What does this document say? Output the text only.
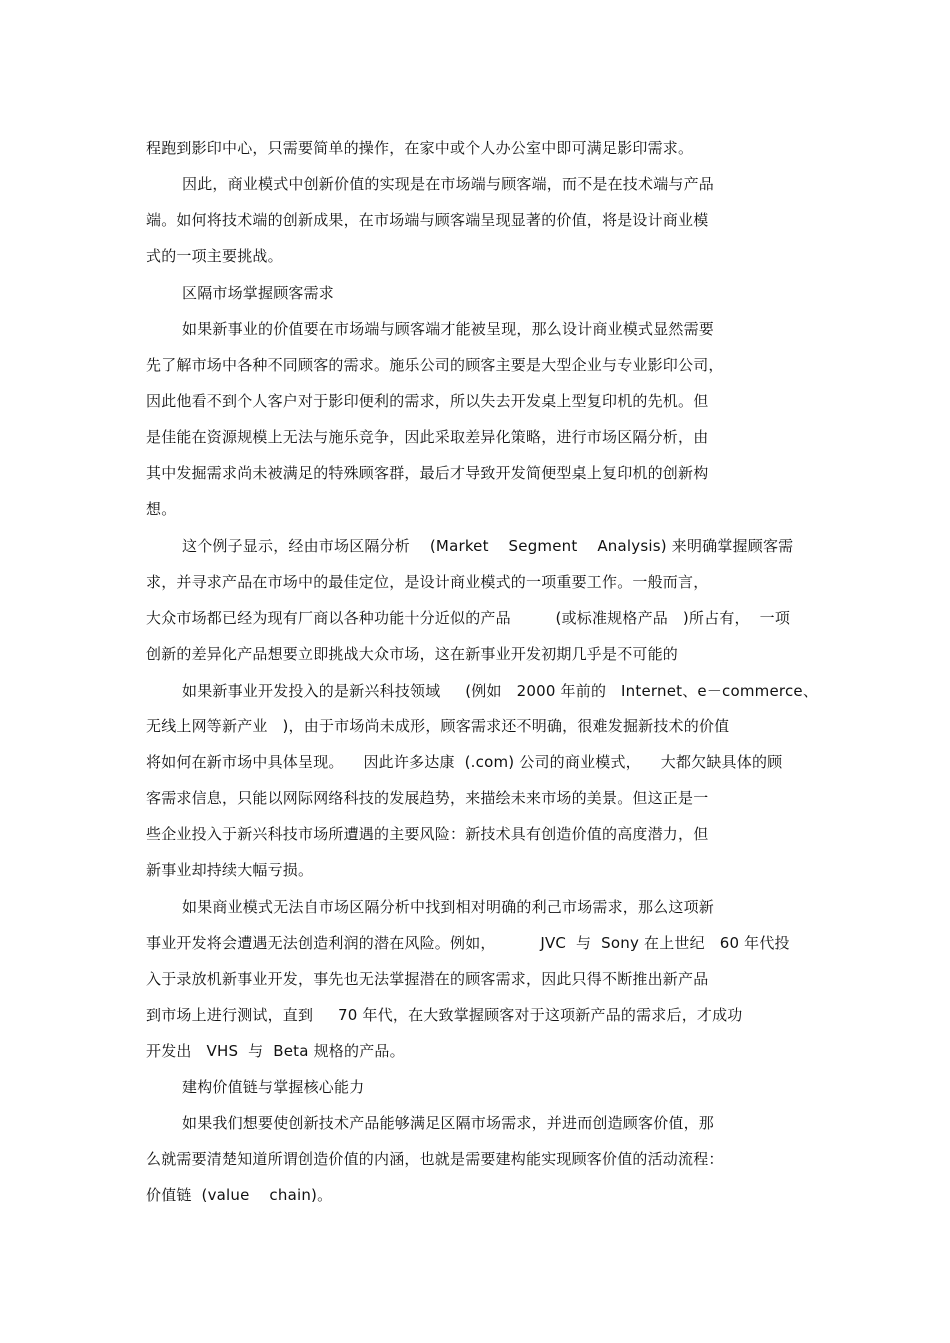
程跑到影印中心，只需要简单的操作，在家中或个人办公室中即可满足影印需求。
因此，商业模式中创新价值的实现是在市场端与顾客端，而不是在技术端与产品
端。如何将技术端的创新成果，在市场端与顾客端呈现显著的价值，将是设计商业模
式的一项主要挑战。
区隔市场掌握顾客需求
如果新事业的价值要在市场端与顾客端才能被呈现，那么设计商业模式显然需要
先了解市场中各种不同顾客的需求。施乐公司的顾客主要是大型企业与专业影印公司，
因此他看不到个人客户对于影印便利的需求，所以失去开发桌上型复印机的先机。但
是佳能在资源规模上无法与施乐竞争，因此采取差异化策略，进行市场区隔分析，由
其中发掘需求尚未被满足的特殊顾客群，最后才导致开发简便型桌上复印机的创新构
想。
这个例子显示，经由市场区隔分析    (Market    Segment    Analysis) 来明确掌握顾客需
求，并寻求产品在市场中的最佳定位，是设计商业模式的一项重要工作。一般而言，
大众市场都已经为现有厂商以各种功能十分近似的产品         (或标准规格产品   )所占有，  一项
创新的差异化产品想要立即挑战大众市场，这在新事业开发初期几乎是不可能的
如果新事业开发投入的是新兴科技领域     (例如   2000 年前的   Internet、e－commerce、
无线上网等新产业   )，由于市场尚未成形，顾客需求还不明确，很难发掘新技术的价值
将如何在新市场中具体呈现。    因此许多达康  (.com) 公司的商业模式，    大都欠缺具体的顾
客需求信息，只能以网际网络科技的发展趋势，来描绘未来市场的美景。但这正是一
些企业投入于新兴科技市场所遭遇的主要风险：新技术具有创造价值的高度潜力，但
新事业却持续大幅亏损。
如果商业模式无法自市场区隔分析中找到相对明确的利己市场需求，那么这项新
事业开发将会遭遇无法创造利润的潜在风险。例如，         JVC  与  Sony 在上世纪   60 年代投
入于录放机新事业开发，事先也无法掌握潜在的顾客需求，因此只得不断推出新产品
到市场上进行测试，直到     70 年代，在大致掌握顾客对于这项新产品的需求后，才成功
开发出   VHS  与  Beta 规格的产品。
建构价值链与掌握核心能力
如果我们想要使创新技术产品能够满足区隔市场需求，并进而创造顾客价值，那
么就需要清楚知道所谓创造价值的内涵，也就是需要建构能实现顾客价值的活动流程：
价值链  (value    chain)。
